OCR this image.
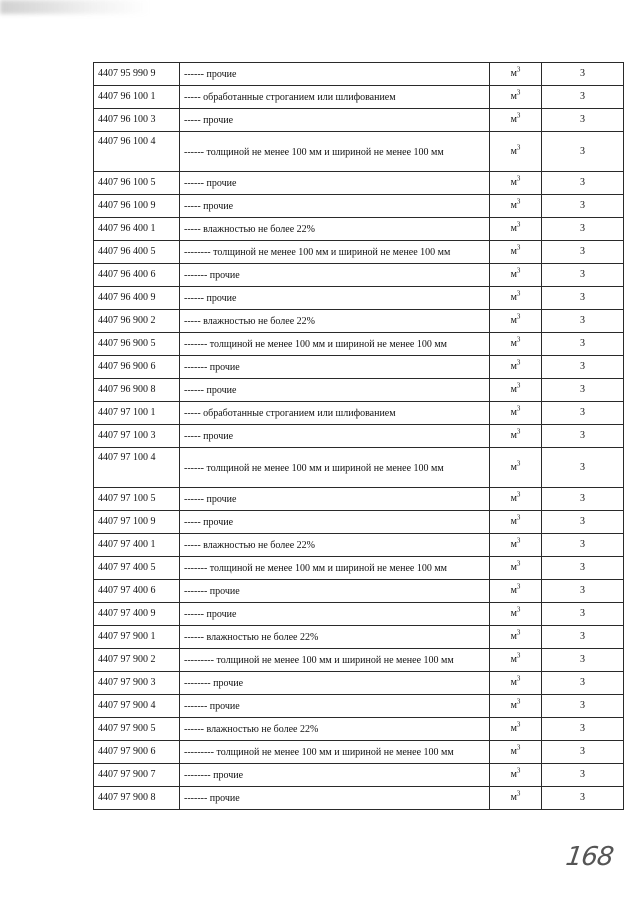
4407 95 990 9	------ прочие	$м^3$	3
4407 96 100 1	----- обработанные строганием или шлифованием	$м^3$	3
4407 96 100 3	----- прочие	$м^3$	3
4407 96 100 4	------ толщиной не менее 100 мм и шириной не менее 100 мм	$м^3$	3
4407 96 100 5	------ прочие	$м^3$	3
4407 96 100 9	----- прочие	$м^3$	3
4407 96 400 1	----- влажностью не более 22%	$м^3$	3
4407 96 400 5	-------- толщиной не менее 100 мм и шириной не менее 100 мм	$м^3$	3
4407 96 400 6	------- прочие	$м^3$	3
4407 96 400 9	------ прочие	$м^3$	3
4407 96 900 2	----- влажностью не более 22%	$м^3$	3
4407 96 900 5	------- толщиной не менее 100 мм и шириной не менее 100 мм	$м^3$	3
4407 96 900 6	------- прочие	$м^3$	3
4407 96 900 8	------ прочие	$м^3$	3
4407 97 100 1	----- обработанные строганием или шлифованием	$м^3$	3
4407 97 100 3	----- прочие	$м^3$	3
4407 97 100 4	------ толщиной не менее 100 мм и шириной не менее 100 мм	$м^3$	3
4407 97 100 5	------ прочие	$м^3$	3
4407 97 100 9	----- прочие	$м^3$	3
4407 97 400 1	----- влажностью не более 22%	$м^3$	3
4407 97 400 5	------- толщиной не менее 100 мм и шириной не менее 100 мм	$м^3$	3
4407 97 400 6	------- прочие	$м^3$	3
4407 97 400 9	------ прочие	$м^3$	3
4407 97 900 1	------ влажностью не более 22%	$м^3$	3
4407 97 900 2	--------- толщиной не менее 100 мм и шириной не менее 100 мм	$м^3$	3
4407 97 900 3	-------- прочие	$м^3$	3
4407 97 900 4	------- прочие	$м^3$	3
4407 97 900 5	------ влажностью не более 22%	$м^3$	3
4407 97 900 6	--------- толщиной не менее 100 мм и шириной не менее 100 мм	$м^3$	3
4407 97 900 7	-------- прочие	$м^3$	3
4407 97 900 8	------- прочие	$м^3$	3
168
